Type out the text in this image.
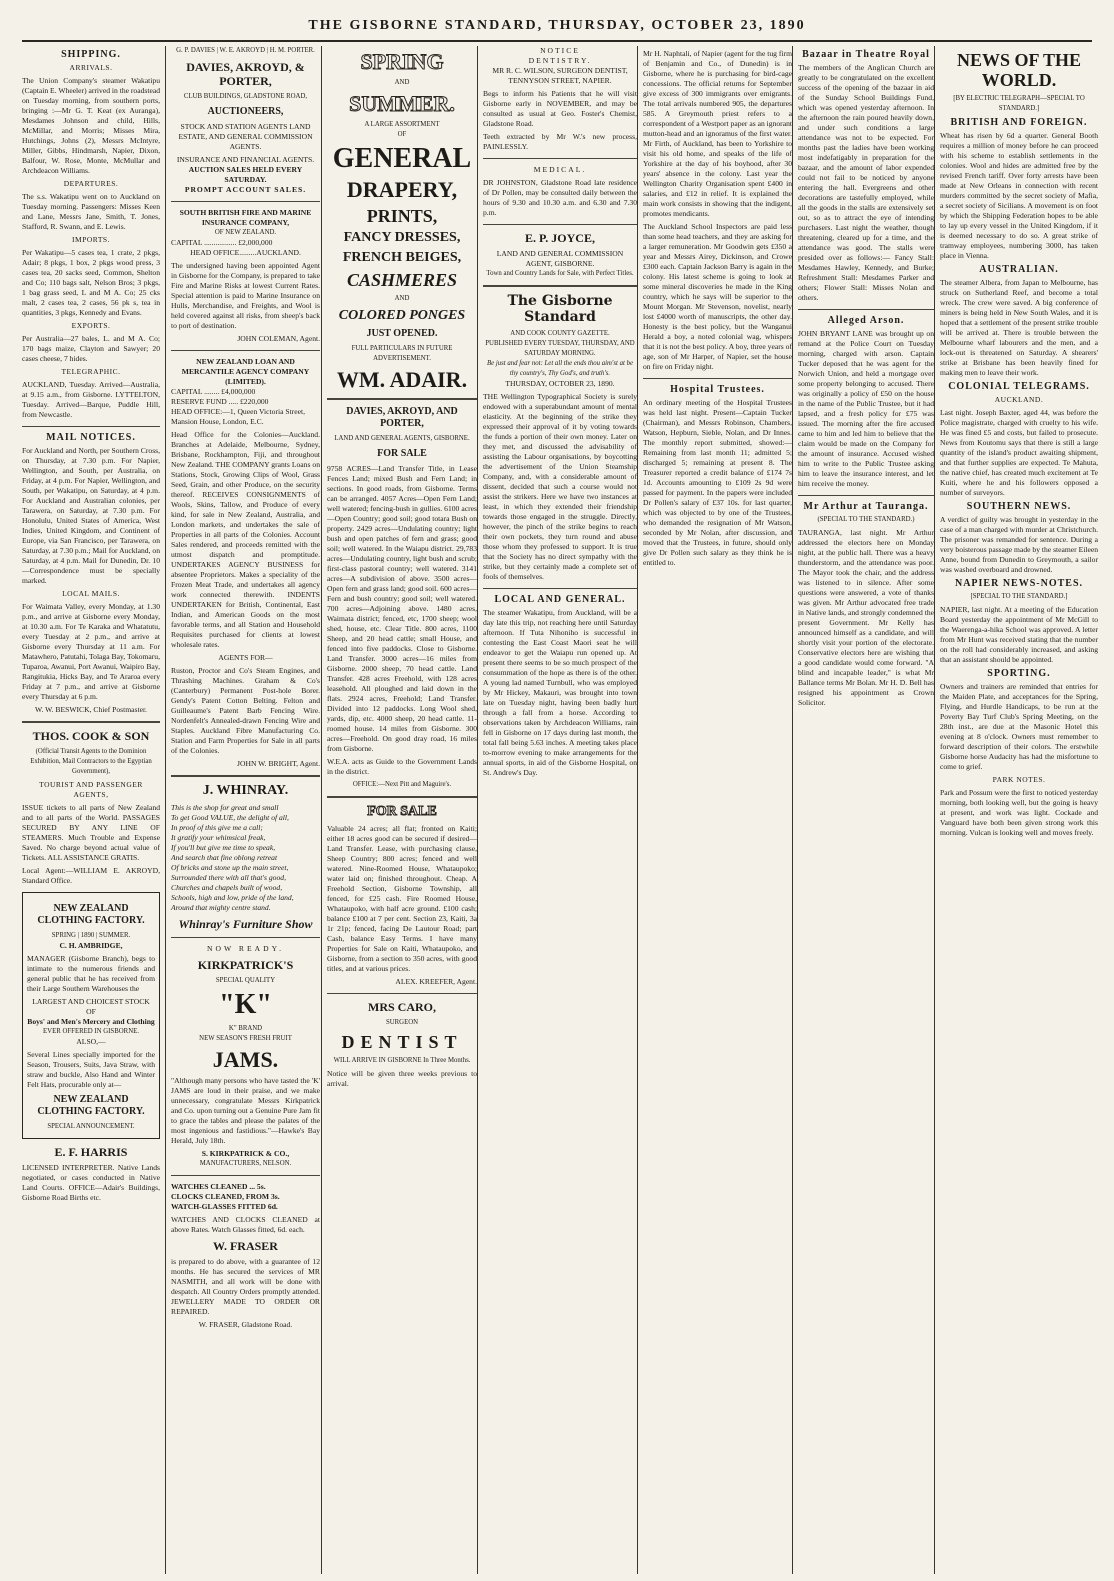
THE GISBORNE STANDARD, THURSDAY, OCTOBER 23, 1890
SHIPPING.
ARRIVALS.

The Union Company's steamer Wakatipu (Captain E. Wheeler) arrived in the roadstead on Tuesday morning, from southern ports, bringing :—Mr G. T. Keat (ex Auranga), Mesdames Johnson and child, Hills, McMillar, and Morris; Misses Mira, Hutchings, Johns (2), Messrs McIntyre, Miller, Gibbs, Hindmarsh, Napier, Dixon, Balfour, W. Rose, Monte, McMullar and Archdeacon Williams.

DEPARTURES.

The s.s. Wakatipu went on to Auckland on Tuesday morning. Passengers: Misses Keen and Lane, Messrs Jane, Smith, T. Jones, Stafford, R. Swann, and E. Lewis.

IMPORTS.

Per Wakatipu—5 cases tea, 1 crate, 2 pkgs, Adair; 8 pkgs, 1 box, 2 pkgs wood press, 3 cases tea, 20 sacks seed, Common, Shelton and Co; 110 bags salt, Nelson Bros; 3 pkgs, 1 bag grass seed, L and M A. Co; 25 cks malt, 2 cases tea, 2 cases, 56 pk s, tea in quantities, 3 pkgs, Kennedy and Evans.

EXPORTS.

Per Australia—27 bales, L. and M A. Co; 170 bags maize, Clayton and Sawyer; 20 cases cheese, 7 hides.

TELEGRAPHIC.

AUCKLAND, Tuesday. Arrived—Australia, at 9.15 a.m., from Gisborne. LYTTELTON, Tuesday. Arrived—Barque, Puddle Hill, from Newcastle.

MAIL NOTICES.

For Auckland and North, per Southern Cross, on Thursday, at 7.30 p.m. For Napier, Wellington, and South, per Australia, on Friday, at 4 p.m. For Napier, Wellington, and South, per Wakatipu, on Saturday, at 4 p.m. For Auckland and Australian colonies, per Tarawera, on Saturday, at 7.30 p.m. For Honolulu, United States of America, West Indies, United Kingdom, and Continent of Europe, via San Francisco, per Tarawera, on Saturday, at 7.30 p.m.; Mail for Auckland, on Saturday, at 4 p.m. Mail for Dunedin, Dr. 10—Correspondence must be specially marked.

LOCAL MAILS.

For Waimata Valley, every Monday, at 1.30 p.m., and arrive at Gisborne every Monday, at 10.30 a.m. For Te Karaka and Whatatutu, every Tuesday at 2 p.m., and arrive at Gisborne every Thursday at 11 a.m. For Matawhero, Patutahi, Tolaga Bay, Tokomaru, Tuparoa, Awanui, Port Awanui, Waipiro Bay, Rangitukia, Hicks Bay, and Te Araroa every Friday at 7 p.m., and arrive at Gisborne every Thursday at 6 p.m.

W. W. BESWICK, Chief Postmaster.

THOS. COOK & SON

(Official Transit Agents to the Dominion Exhibition, Mail Contractors to the Egyptian Government),

TOURIST AND PASSENGER AGENTS,

ISSUE tickets to all parts of New Zealand and to all parts of the World. PASSAGES SECURED BY ANY LINE OF STEAMERS. Much Trouble and Expense Saved. No charge beyond actual value of Tickets. ALL ASSISTANCE GRATIS.

Local Agent:—WILLIAM E. AKROYD, Standard Office.

NEW ZEALAND CLOTHING FACTORY.
SPRING | 1890 | SUMMER.
C. H. AMBRIDGE,

MANAGER (Gisborne Branch), begs to intimate to the numerous friends and general public that he has received from their Large Southern Warehouses the

LARGEST AND CHOICEST STOCK OF
Boys' and Men's Mercery and Clothing
EVER OFFERED IN GISBORNE.
ALSO,—

Several Lines specially imported for the Season, Trousers, Suits, Java Straw, with straw and buckle, Also Hand and Winter Felt Hats, procurable only at—

NEW ZEALAND CLOTHING FACTORY.
SPECIAL ANNOUNCEMENT.
E. F. HARRIS

LICENSED INTERPRETER. Native Lands negotiated, or cases conducted in Native Land Courts. OFFICE—Adair's Buildings, Gisborne Road Births etc.

G. P. DAVIES | W. E. AKROYD | H. M. PORTER.
DAVIES, AKROYD, & PORTER,
CLUB BUILDINGS, GLADSTONE ROAD,
AUCTIONEERS,

STOCK AND STATION AGENTS LAND ESTATE, AND GENERAL COMMISSION AGENTS.

INSURANCE AND FINANCIAL AGENTS.
AUCTION SALES HELD EVERY SATURDAY.
PROMPT ACCOUNT SALES.
SOUTH BRITISH FIRE AND MARINE INSURANCE COMPANY,
OF NEW ZEALAND.
CAPITAL ................. £2,000,000
HEAD OFFICE.........AUCKLAND.

The undersigned having been appointed Agent in Gisborne for the Company, is prepared to take Fire and Marine Risks at lowest Current Rates. Special attention is paid to Marine Insurance on Hulls, Merchandise, and Freights, and Wool is held covered against all risks, from sheep's back to port of destination.

JOHN COLEMAN, Agent.
NEW ZEALAND LOAN AND MERCANTILE AGENCY COMPANY (LIMITED).
CAPITAL ........ £4,000,000
RESERVE FUND ..... £220,000
HEAD OFFICE:—1, Queen Victoria Street, Mansion House, London, E.C.

Head Office for the Colonies—Auckland. Branches at Adelaide, Melbourne, Sydney, Brisbane, Rockhampton, Fiji, and throughout New Zealand. THE COMPANY grants Loans on Stations, Stock, Growing Clips of Wool, Grass Seed, Grain, and other Produce, on the security thereof. RECEIVES CONSIGNMENTS of Wools, Skins, Tallow, and Produce of every kind, for sale in New Zealand, Australia, and London markets, and undertakes the sale of Properties in all parts of the Colonies. Account Sales rendered, and proceeds remitted with the utmost dispatch and promptitude. UNDERTAKES AGENCY BUSINESS for absentee Proprietors. Makes a speciality of the Frozen Meat Trade, and undertakes all agency work connected therewith. INDENTS UNDERTAKEN for British, Continental, East Indian, and American Goods on the most favorable terms, and all Station and Household Requisites purchased for clients at lowest wholesale rates.

AGENTS FOR—

Ruston, Proctor and Co's Steam Engines, and Thrashing Machines. Graham & Co's (Canterbury) Permanent Post-hole Borer. Gendy's Patent Cotton Belting. Felton and Guilleaume's Patent Barb Fencing Wire. Nordenfelt's Annealed-drawn Fencing Wire and Staples. Auckland Fibre Manufacturing Co. Station and Farm Properties for Sale in all parts of the Colonies.

JOHN W. BRIGHT, Agent.
J. WHINRAY.
This is the shop for great and small
To get Good VALUE, the delight of all,
In proof of this give me a call;
It gratify your whimsical freak,
If you'll but give me time to speak,
And search that fine oblong retreat
Of bricks and stone up the main street,
Surrounded there with all that's good,
Churches and chapels built of wood,
Schools, high and low, pride of the land,
Around that mighty centre stand.
Whinray's Furniture Show
NOW READY.
KIRKPATRICK'S
SPECIAL QUALITY
"K"
K" BRAND
NEW SEASON'S FRESH FRUIT
JAMS.

"Although many persons who have tasted the 'K' JAMS are loud in their praise, and we make unnecessary, congratulate Messrs Kirkpatrick and Co. upon turning out a Genuine Pure Jam fit to grace the tables and please the palates of the most ingenious and fastidious."—Hawke's Bay Herald, July 18th.

S. KIRKPATRICK & CO.,
MANUFACTURERS, NELSON.
WATCHES CLEANED ... 5s.
CLOCKS CLEANED, FROM 3s.
WATCH-GLASSES FITTED 6d.

WATCHES AND CLOCKS CLEANED at above Rates. Watch Glasses fitted, 6d. each.

W. FRASER

is prepared to do above, with a guarantee of 12 months. He has secured the services of MR NASMITH, and all work will be done with despatch. All Country Orders promptly attended. JEWELLERY MADE TO ORDER OR REPAIRED.

W. FRASER, Gladstone Road.
SPRING
AND
SUMMER.
A LARGE ASSORTMENT
OF
GENERAL
DRAPERY,
PRINTS,
FANCY DRESSES,
FRENCH BEIGES,
CASHMERES
AND
COLORED PONGES
JUST OPENED.
FULL PARTICULARS IN FUTURE ADVERTISEMENT.
WM. ADAIR.
DAVIES, AKROYD, AND PORTER,
LAND AND GENERAL AGENTS, GISBORNE.
FOR SALE

9758 ACRES—Land Transfer Title, in Lease Fences Land; mixed Bush and Fern Land; in sections. In good roads, from Gisborne. Terms can be arranged. 4057 Acres—Open Fern Land; well watered; fencing-bush in gullies. 6100 acres—Open Country; good soil; good totara Bush on property. 2429 acres—Undulating country; light bush and open patches of fern and grass; good soil; well watered. In the Waiapu district. 29,783 acres—Undulating country, light bush and scrub; first-class pastoral country; well watered. 3141 acres—A subdivision of above. 3500 acres—Open fern and grass land; good soil. 600 acres—Fern and bush country; good soil; well watered. 700 acres—Adjoining above. 1480 acres, Waimata district; fenced, etc, 1700 sheep; wool shed, house, etc. Clear Title. 800 acres, 1100 Sheep, and 20 head cattle; small House, and fenced into five paddocks. Close to Gisborne. Land Transfer. 3000 acres—16 miles from Gisborne. 2000 sheep, 70 head cattle. Land Transfer. 428 acres Freehold, with 128 acres leasehold. All ploughed and laid down in the flats. 2924 acres, Freehold; Land Transfer. Divided into 12 paddocks. Long Wool shed, yards, dip, etc. 4000 sheep, 20 head cattle. 11-roomed house. 14 miles from Gisborne. 300 acres—Freehold. On good dray road, 16 miles from Gisborne.

W.E.A. acts as Guide to the Government Lands in the district.

OFFICE:—Next Pitt and Maguire's.
FOR SALE

Valuable 24 acres; all flat; fronted on Kaiti; either 18 acres good can be secured if desired—Land Transfer. Lease, with purchasing clause, Sheep Country; 800 acres; fenced and well watered. Nine-Roomed House, Whataupoko; water laid on; finished throughout. Cheap. A Freehold Section, Gisborne Township, all fenced, for £25 cash. Fire Roomed House, Whataupoko, with half acre ground. £100 cash; balance £100 at 7 per cent. Section 23, Kaiti, 3a 1r 21p; fenced, facing De Lautour Road; part Cash, balance Easy Terms. I have many Properties for Sale on Kaiti, Whataupoko, and Gisborne, from a section to 350 acres, with good titles, and at various prices.

ALEX. KREEFER, Agent.
MRS CARO,
SURGEON
DENTIST
WILL ARRIVE IN GISBORNE In Three Months.

Notice will be given three weeks previous to arrival.

NOTICE
DENTISTRY.
MR R. C. WILSON, SURGEON DENTIST, TENNYSON STREET, NAPIER.

Begs to inform his Patients that he will visit Gisborne early in NOVEMBER, and may be consulted as usual at Geo. Foster's Chemist, Gladstone Road.

Teeth extracted by Mr W.'s new process, PAINLESSLY.

MEDICAL.

DR JOHNSTON, Gladstone Road late residence of Dr Pollen, may be consulted daily between the hours of 9.30 and 10.30 a.m. and 6.30 and 7.30 p.m.

E. P. JOYCE,
LAND AND GENERAL COMMISSION AGENT, GISBORNE.
Town and Country Lands for Sale, with Perfect Titles.
The Gisborne Standard
AND COOK COUNTY GAZETTE.
PUBLISHED EVERY TUESDAY, THURSDAY, AND SATURDAY MORNING.
Be just and fear not: Let all the ends thou aim'st at be thy country's, Thy God's, and truth's.
THURSDAY, OCTOBER 23, 1890.

THE Wellington Typographical Society is surely endowed with a superabundant amount of mental elasticity. At the beginning of the strike they expressed their approval of it by voting towards the funds a portion of their own money. Later on they met, and discussed the advisability of assisting the Labour organisations, by boycotting the advertisement of the Union Steamship Company, and, with a considerable amount of dissent, decided that such a course would not assist the strikers. Here we have two instances at least, in which they extended their friendship towards those engaged in the struggle. Directly, however, the pinch of the strike begins to reach their own pockets, they turn round and abuse those whom they professed to support. It is true that the Society has no direct sympathy with the strike, but they certainly made a complete set of fools of themselves.

LOCAL AND GENERAL.

The steamer Wakatipu, from Auckland, will be a day late this trip, not reaching here until Saturday afternoon. If Tuta Nihoniho is successful in contesting the East Coast Maori seat he will endeavor to get the Waiapu run opened up. At present there seems to be so much prospect of the consummation of the hope as there is of the other. A young lad named Turnbull, who was employed by Mr Hickey, Makauri, was brought into town late on Tuesday night, having been badly hurt through a fall from a horse. According to observations taken by Archdeacon Williams, rain fell in Gisborne on 17 days during last month, the total fall being 5.63 inches. A meeting takes place to-morrow evening to make arrangements for the annual sports, in aid of the Gisborne Hospital, on St. Andrew's Day.

Mr H. Naphtali, of Napier (agent for the tug firm of Benjamin and Co., of Dunedin) is in Gisborne, where he is purchasing for bird-cage concessions. The official returns for September give excess of 300 immigrants over emigrants. The total arrivals numbered 905, the departures 585. A Greymouth priest refers to a correspondent of a Westport paper as an ignorant mutton-head and an ignoramus of the first water. Mr Firth, of Auckland, has been to Yorkshire to visit his old home, and speaks of the life of Yorkshire at the day of his boyhood, after 30 years' absence in the colony. Last year the Wellington Charity Organisation spent £400 in salaries, and £12 in relief. It is explained the main work consists in showing that the indigent, promotes mendicants.

The Auckland School Inspectors are paid less than some head teachers, and they are asking for a larger remuneration. Mr Goodwin gets £350 a year and Messrs Airey, Dickinson, and Crowe £300 each. Captain Jackson Barry is again in the colony. His latest scheme is going to look at some mineral discoveries he made in the King country, which he says will be superior to the Mount Morgan. Mr Stevenson, novelist, nearly lost £4000 worth of manuscripts, the other day. Honesty is the best policy, but the Wanganui Herald a boy, a noted colonial wag, whispers that it is not the best policy. A boy, three years of age, son of Mr Harper, of Napier, set the house on fire on Friday night.

Hospital Trustees.

An ordinary meeting of the Hospital Trustees was held last night. Present—Captain Tucker (Chairman), and Messrs Robinson, Chambers, Watson, Hepburn, Sieble, Nolan, and Dr Innes. The monthly report submitted, showed:—Remaining from last month 11; admitted 5; discharged 5; remaining at present 8. The Treasurer reported a credit balance of £174 7s 1d. Accounts amounting to £109 2s 9d were passed for payment. In the papers were included Dr Pollen's salary of £37 10s. for last quarter, which was objected to by one of the Trustees, who demanded the resignation of Mr Watson, seconded by Mr Nolan, after discussion, and moved that the Trustees, in future, should only give Dr Pollen such salary as they think he is entitled to.

Bazaar in Theatre Royal

The members of the Anglican Church are greatly to be congratulated on the excellent success of the opening of the bazaar in aid of the Sunday School Buildings Fund, which was opened yesterday afternoon. In the afternoon the rain poured heavily down, and under such conditions a large attendance was not to be expected. For months past the ladies have been working most indefatigably in preparation for the bazaar, and the amount of labor expended could not fail to be noticed by anyone entering the hall. Evergreens and other decorations are tastefully employed, while all the goods in the stalls are extensively set out, so as to attract the eye of intending purchasers. Last night the weather, though threatening, cleared up for a time, and the attendance was good. The stalls were presided over as follows:— Fancy Stall: Mesdames Hawley, Kennedy, and Burke; Refreshment Stall: Mesdames Parker and others; Flower Stall: Misses Nolan and others.

Alleged Arson.

JOHN BRYANT LANE was brought up on remand at the Police Court on Tuesday morning, charged with arson. Captain Tucker deposed that he was agent for the Norwich Union, and held a mortgage over some property belonging to accused. There was originally a policy of £50 on the house in the name of the Public Trustee, but it had lapsed, and a fresh policy for £75 was issued. The morning after the fire accused came to him and led him to believe that the claim would be made on the Company for the amount of insurance. Accused wished him to write to the Public Trustee asking him to leave the insurance interest, and let him receive the money.

Mr Arthur at Tauranga.
(SPECIAL TO THE STANDARD.)

TAURANGA, last night. Mr Arthur addressed the electors here on Monday night, at the public hall. There was a heavy thunderstorm, and the attendance was poor. The Mayor took the chair, and the address was listened to in silence. After some questions were answered, a vote of thanks was given. Mr Arthur advocated free trade in Native lands, and strongly condemned the present Government. Mr Kelly has announced himself as a candidate, and will shortly visit your portion of the electorate. Conservative electors here are wishing that a good candidate would come forward. "A blind and incapable leader," is what Mr Ballance terms Mr Bolan. Mr H. D. Bell has resigned his appointment as Crown Solicitor.

NEWS OF THE WORLD.
[BY ELECTRIC TELEGRAPH—SPECIAL TO STANDARD.]
BRITISH AND FOREIGN.

Wheat has risen by 6d a quarter. General Booth requires a million of money before he can proceed with his scheme to establish settlements in the colonies. Wool and hides are admitted free by the revised French tariff. Over forty arrests have been made at New Orleans in connection with recent murders committed by the secret society of Mafia, a secret society of Sicilians. A movement is on foot by which the Shipping Federation hopes to be able to lay up every vessel in the United Kingdom, if it is deemed necessary to do so. A great strike of tramway employees, numbering 3000, has taken place in Vienna.

AUSTRALIAN.

The steamer Albera, from Japan to Melbourne, has struck on Sutherland Reef, and become a total wreck. The crew were saved. A big conference of miners is being held in New South Wales, and it is hoped that a settlement of the present strike trouble will be arrived at. There is trouble between the Melbourne wharf labourers and the men, and a lock-out is threatened on Saturday. A shearers' strike at Brisbane has been heavily fined for making men to leave their work.

COLONIAL TELEGRAMS.
AUCKLAND.

Last night. Joseph Baxter, aged 44, was before the Police magistrate, charged with cruelty to his wife. He was fined £5 and costs, but failed to prosecute. News from Koutomu says that there is still a large quantity of the island's product awaiting shipment, and that further supplies are expected. Te Mahuta, the native chief, has created much excitement at Te Kuiti, where he and his followers opposed a number of surveyors.

SOUTHERN NEWS.

A verdict of guilty was brought in yesterday in the case of a man charged with murder at Christchurch. The prisoner was remanded for sentence. During a very boisterous passage made by the steamer Eileen Anne, bound from Dunedin to Greymouth, a sailor was washed overboard and drowned.

NAPIER NEWS-NOTES.
[SPECIAL TO THE STANDARD.]

NAPIER, last night. At a meeting of the Education Board yesterday the appointment of Mr McGill to the Waerenga-a-hika School was approved. A letter from Mr Hunt was received stating that the number on the roll had considerably increased, and asking that an assistant should be appointed.

SPORTING.

Owners and trainers are reminded that entries for the Maiden Plate, and acceptances for the Spring, Flying, and Hurdle Handicaps, to be run at the Poverty Bay Turf Club's Spring Meeting, on the 28th inst., are due at the Masonic Hotel this evening at 8 o'clock. Owners must remember to forward description of their colors. The erstwhile Gisborne horse Audacity has had the misfortune to come to grief.

PARK NOTES.

Park and Possum were the first to noticed yesterday morning, both looking well, but the going is heavy at present, and work was light. Cockade and Vanguard have both been given strong work this morning. Vulcan is looking well and moves freely.
